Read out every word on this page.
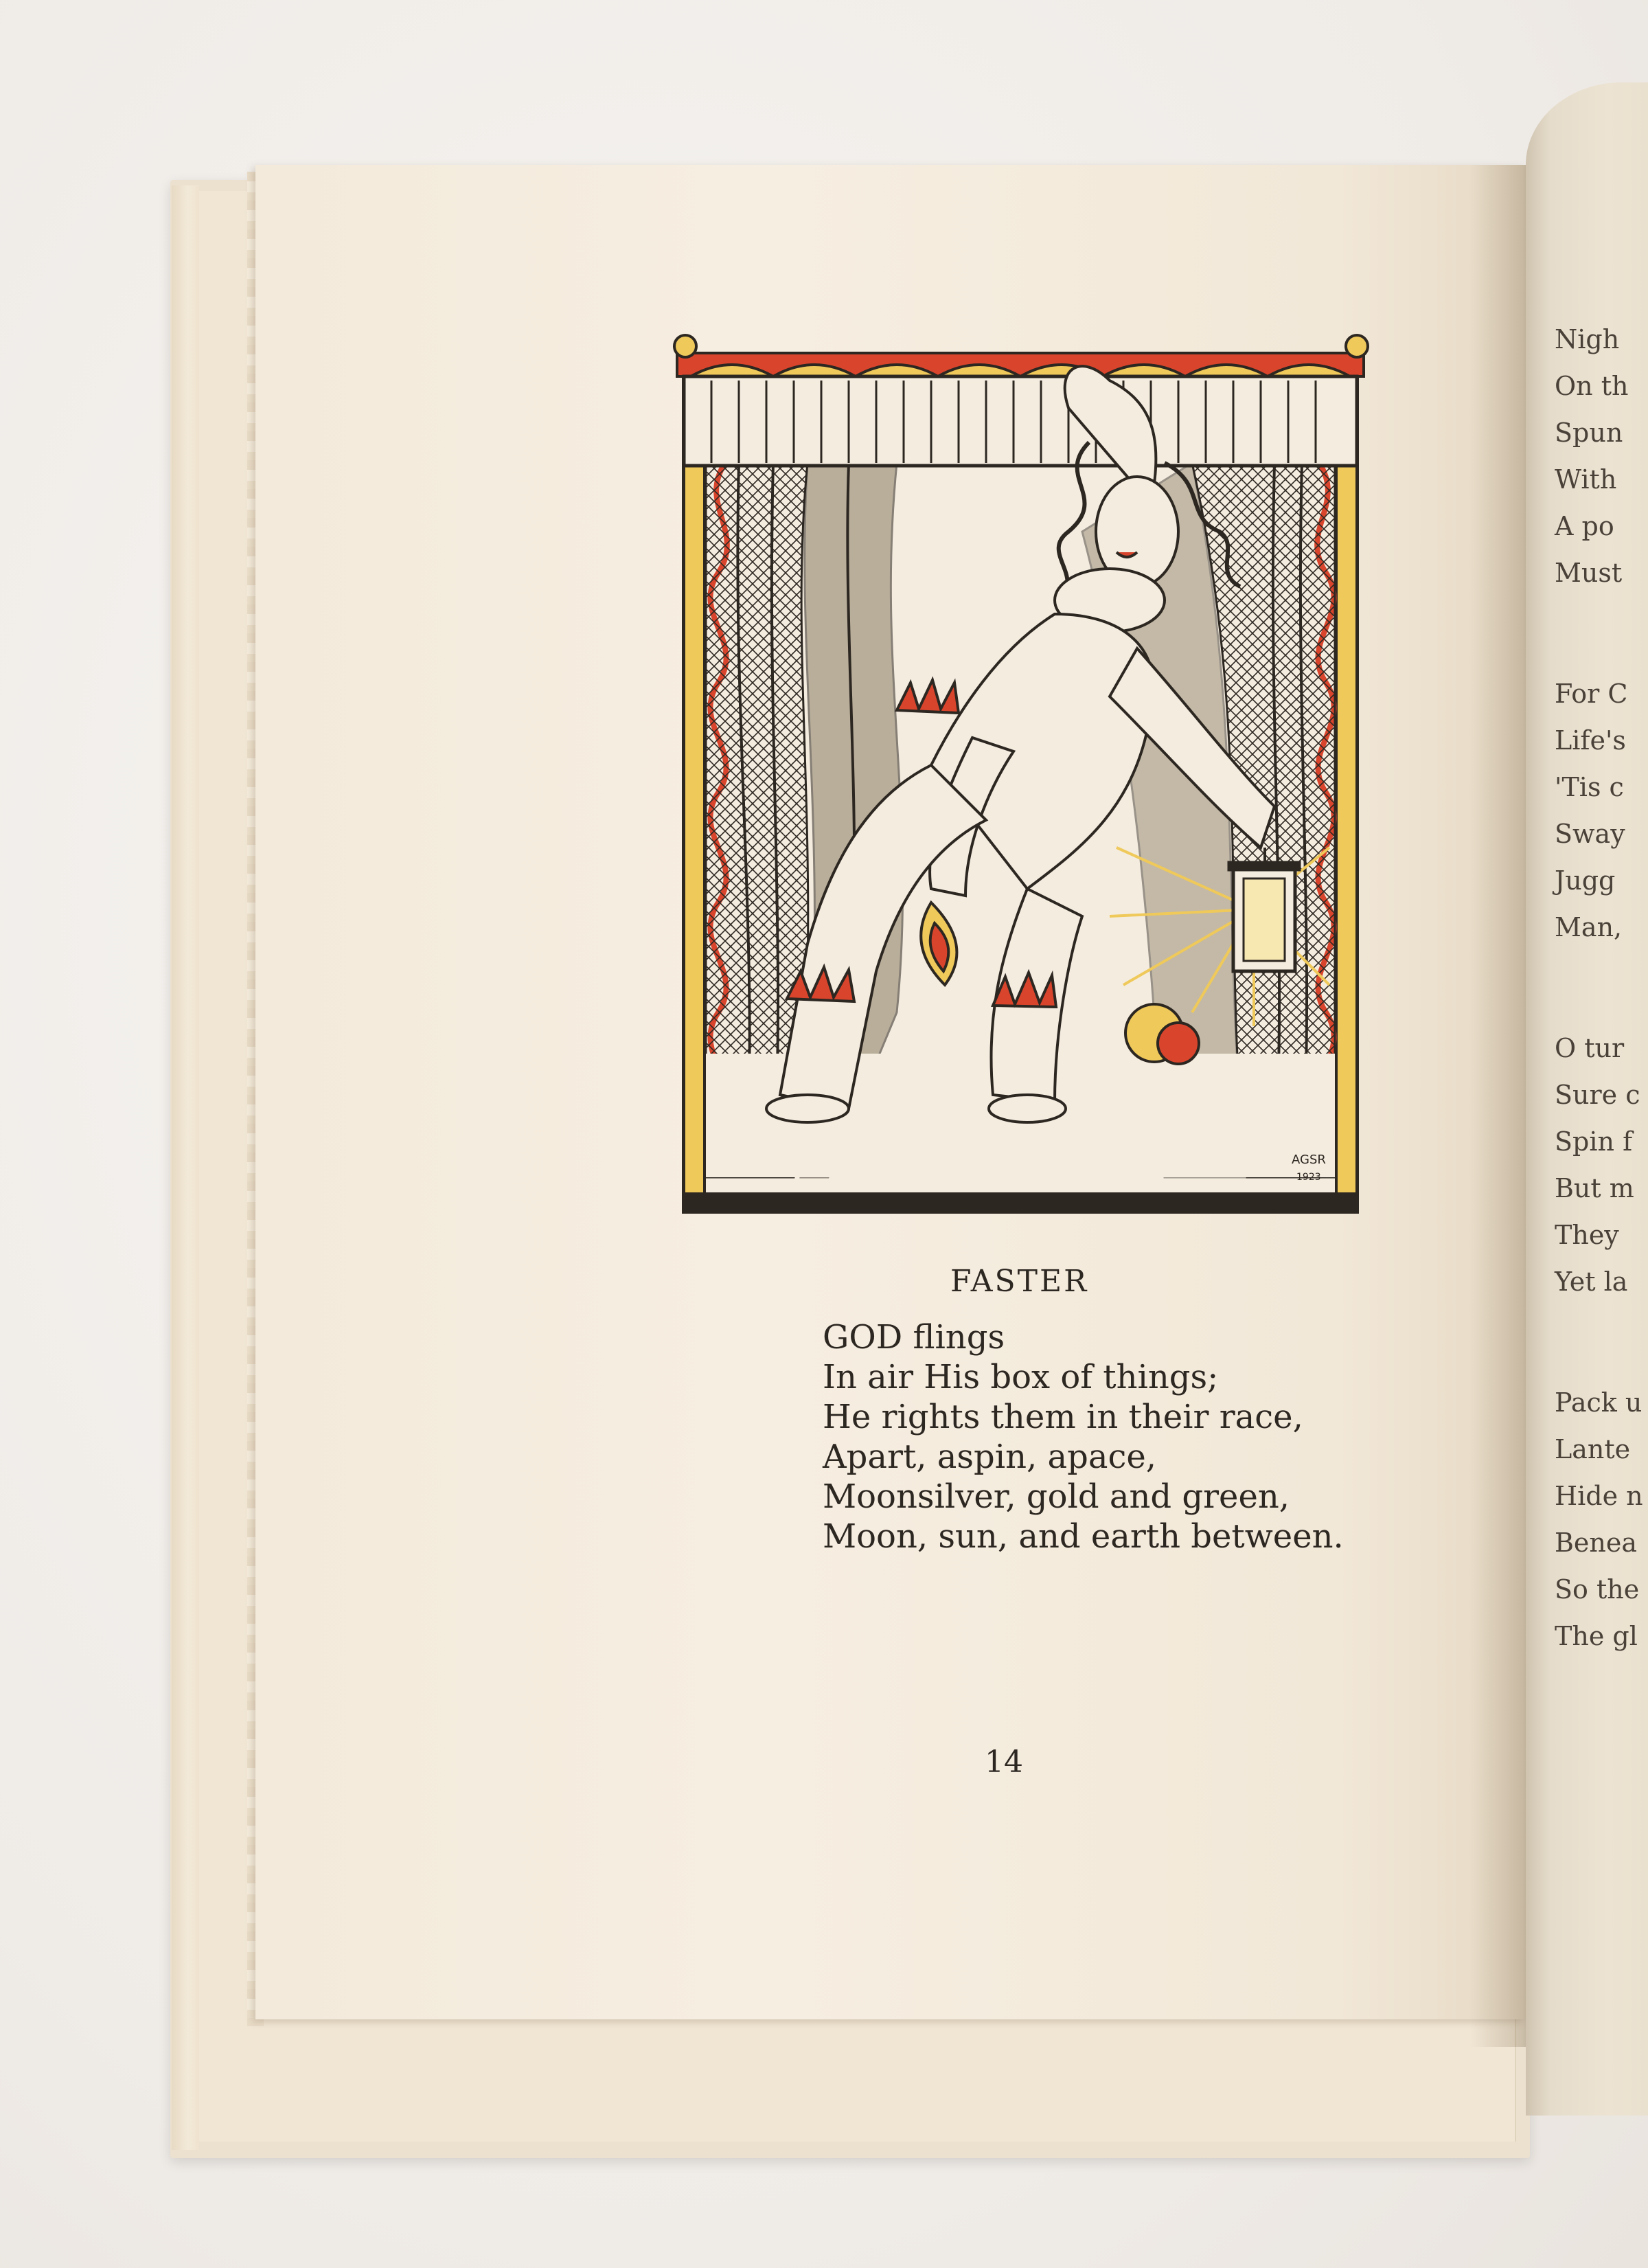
Nigh
On th
Spun
With
A po
Must
For C
Life's
'Tis c
Sway
Jugg
Man,
O tur
Sure c
Spin f
But m
They
Yet la
Pack u
Lante
Hide n
Benea
So the
The gl
AGSR
1923
FASTER
GOD flings
In air His box of things;
He rights them in their race,
Apart, aspin, apace,
Moonsilver, gold and green,
Moon, sun, and earth between.
14
